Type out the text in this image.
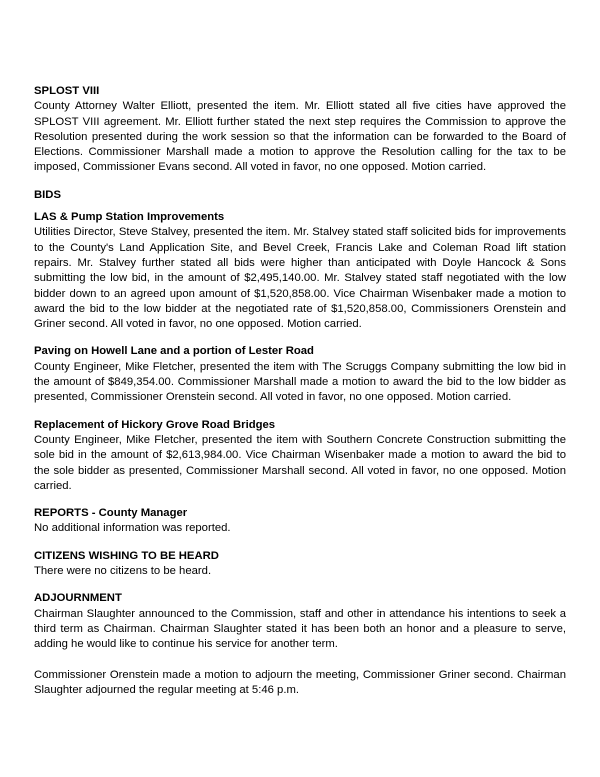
SPLOST VIII

County Attorney Walter Elliott, presented the item. Mr. Elliott stated all five cities have approved the SPLOST VIII agreement. Mr. Elliott further stated the next step requires the Commission to approve the Resolution presented during the work session so that the information can be forwarded to the Board of Elections. Commissioner Marshall made a motion to approve the Resolution calling for the tax to be imposed, Commissioner Evans second. All voted in favor, no one opposed. Motion carried.

BIDS

LAS & Pump Station Improvements

Utilities Director, Steve Stalvey, presented the item. Mr. Stalvey stated staff solicited bids for improvements to the County's Land Application Site, and Bevel Creek, Francis Lake and Coleman Road lift station repairs. Mr. Stalvey further stated all bids were higher than anticipated with Doyle Hancock & Sons submitting the low bid, in the amount of $2,495,140.00. Mr. Stalvey stated staff negotiated with the low bidder down to an agreed upon amount of $1,520,858.00. Vice Chairman Wisenbaker made a motion to award the bid to the low bidder at the negotiated rate of $1,520,858.00, Commissioners Orenstein and Griner second. All voted in favor, no one opposed. Motion carried.

Paving on Howell Lane and a portion of Lester Road

County Engineer, Mike Fletcher, presented the item with The Scruggs Company submitting the low bid in the amount of $849,354.00. Commissioner Marshall made a motion to award the bid to the low bidder as presented, Commissioner Orenstein second. All voted in favor, no one opposed. Motion carried.

Replacement of Hickory Grove Road Bridges

County Engineer, Mike Fletcher, presented the item with Southern Concrete Construction submitting the sole bid in the amount of $2,613,984.00. Vice Chairman Wisenbaker made a motion to award the bid to the sole bidder as presented, Commissioner Marshall second. All voted in favor, no one opposed. Motion carried.

REPORTS - County Manager

No additional information was reported.

CITIZENS WISHING TO BE HEARD

There were no citizens to be heard.

ADJOURNMENT

Chairman Slaughter announced to the Commission, staff and other in attendance his intentions to seek a third term as Chairman. Chairman Slaughter stated it has been both an honor and a pleasure to serve, adding he would like to continue his service for another term.

Commissioner Orenstein made a motion to adjourn the meeting, Commissioner Griner second. Chairman Slaughter adjourned the regular meeting at 5:46 p.m.
